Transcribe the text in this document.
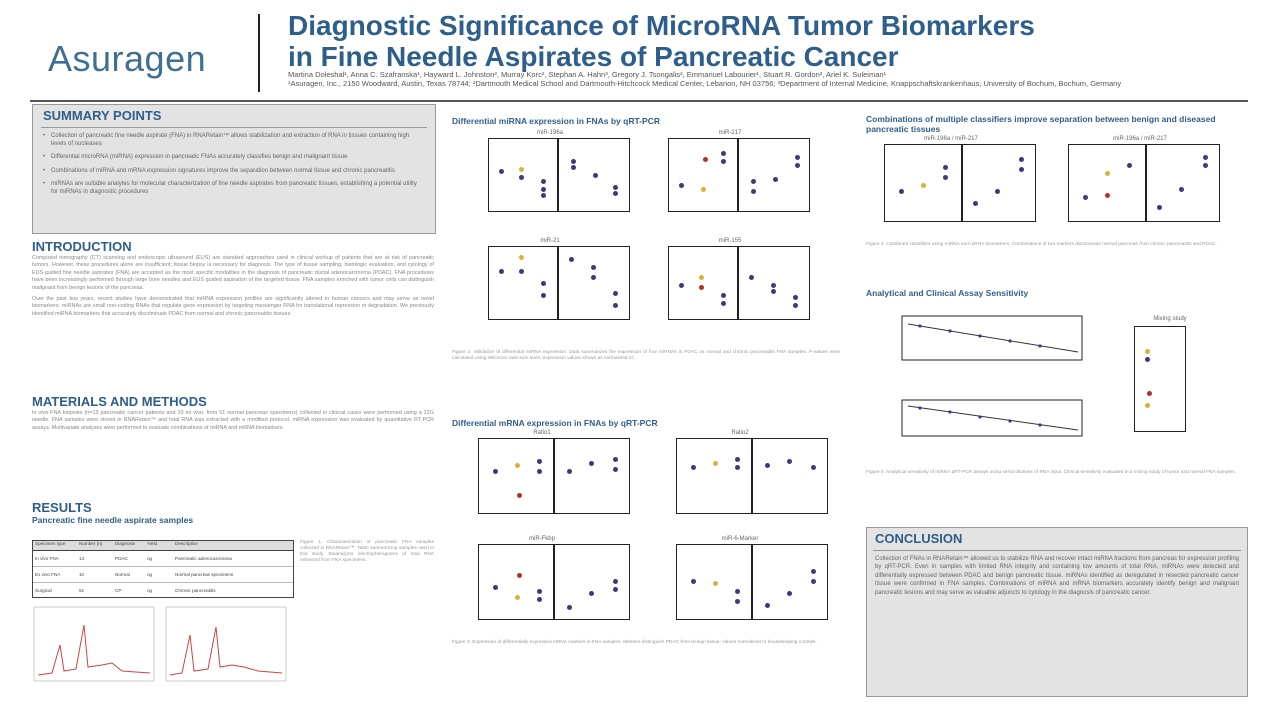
Asuragen
Diagnostic Significance of MicroRNA Tumor Biomarkers
in Fine Needle Aspirates of Pancreatic Cancer
Martina Doleshal¹, Anna C. Szafranska¹, Hayward L. Johnston², Murray Korc², Stephan A. Hahn³, Gregory J. Tsongalis², Emmanuel Labourier¹, Stuart R. Gordon², Ariel K. Suleiman¹
¹Asuragen, Inc., 2150 Woodward, Austin, Texas 78744; ²Dartmouth Medical School and Dartmouth-Hitchcock Medical Center, Lebanon, NH 03756; ³Department of Internal Medicine, Knappschaftskrankenhaus, University of Bochum, Bochum, Germany
SUMMARY POINTS
• Collection of pancreatic fine needle aspirate (FNA) in RNARetain™ allows stabilization and extraction of RNA in tissues containing high levels of nucleases
• Differential microRNA (miRNA) expression in pancreatic FNAs accurately classifies benign and malignant tissue
• Combinations of miRNA and mRNA expression signatures improve the separation between normal tissue and chronic pancreatitis
• miRNAs are suitable analytes for molecular characterization of fine needle aspirates from pancreatic tissues, establishing a potential utility for miRNAs in diagnostic procedures
INTRODUCTION
Computed tomography (CT) scanning and endoscopic ultrasound (EUS) are standard approaches used in clinical workup of patients that are at risk of pancreatic tumors. However, these procedures alone are insufficient; tissue biopsy is necessary for diagnosis. The type of tissue sampling, histologic evaluation, and cytology of EUS-guided fine needle aspirates (FNA) are accepted as the most specific modalities in the diagnosis of pancreatic ductal adenocarcinoma (PDAC). FNA procedures have been increasingly performed through large bore needles and EUS guided aspiration of the targeted tissue. FNA samples enriched with tumor cells can distinguish malignant from benign lesions of the pancreas.
Over the past few years, recent studies have demonstrated that miRNA expression profiles are significantly altered in human cancers and may serve as novel biomarkers. miRNAs are small non-coding RNAs that regulate gene expression by targeting messenger RNA for translational repression or degradation. We previously identified miRNA biomarkers that accurately discriminate PDAC from normal and chronic pancreatitis tissues.
MATERIALS AND METHODS
In vivo FNA biopsies (n=13 pancreatic cancer patients and 10 ex vivo, from 51 normal pancreas specimens) collected in clinical cases were performed using a 22G needle. FNA samples were stored in RNARetain™ and total RNA was extracted with a modified protocol. miRNA expression was evaluated by quantitative RT-PCR assays. Multivariate analyses were performed to evaluate combinations of miRNA and mRNA biomarkers.
RESULTS
Pancreatic fine needle aspirate samples
Specimen type	Number (n)	Diagnosis	Yield	Description
In vivo FNA	13	PDAC	ng	Pancreatic adenocarcinoma
Ex vivo FNA	10	Normal	ng	Normal pancreas specimens
Surgical	51	CP	ng	Chronic pancreatitis
Figure 1. Characterization of pancreatic FNA samples collected in RNARetain™. Table summarizing samples used in this study. Bioanalyzer electropherograms of total RNA extracted from FNA specimens.
Differential miRNA expression in FNAs by qRT-PCR
miR-196a	miR-217
miR-21	miR-155
Figure 2. Validation of differential miRNA expression. Data summarizes the expression of four miRNAs in PDAC vs normal and chronic pancreatitis FNA samples. P-values were calculated using Wilcoxon rank-sum tests; expression values shown as normalized Ct.
Differential mRNA expression in FNAs by qRT-PCR
Ratio1	Ratio2
miR-Fkbp	miR-6-Marker
Figure 3. Expression of differentially expressed mRNA markers in FNA samples. Markers distinguish PDAC from benign tissue; values normalized to housekeeping controls.
Combinations of multiple classifiers improve separation between benign and diseased pancreatic tissues
miR-196a / miR-217	miR-196a / miR-217
Figure 4. Combined classifiers using miRNA and mRNA biomarkers. Combinations of two markers discriminate normal pancreas from chronic pancreatitis and PDAC.
Analytical and Clinical Assay Sensitivity
Mixing study
Figure 5. Analytical sensitivity of miRNA qRT-PCR assays using serial dilutions of RNA input. Clinical sensitivity evaluated in a mixing study of tumor and normal FNA samples.
CONCLUSION
Collection of FNAs in RNARetain™ allowed us to stabilize RNA and recover intact miRNA fractions from pancreas for expression profiling by qRT-PCR. Even in samples with limited RNA integrity and containing low amounts of total RNA, miRNAs were detected and differentially expressed between PDAC and benign pancreatic tissue. miRNAs identified as deregulated in resected pancreatic cancer tissue were confirmed in FNA samples. Combinations of miRNA and mRNA biomarkers accurately identify benign and malignant pancreatic lesions and may serve as valuable adjuncts to cytology in the diagnosis of pancreatic cancer.
